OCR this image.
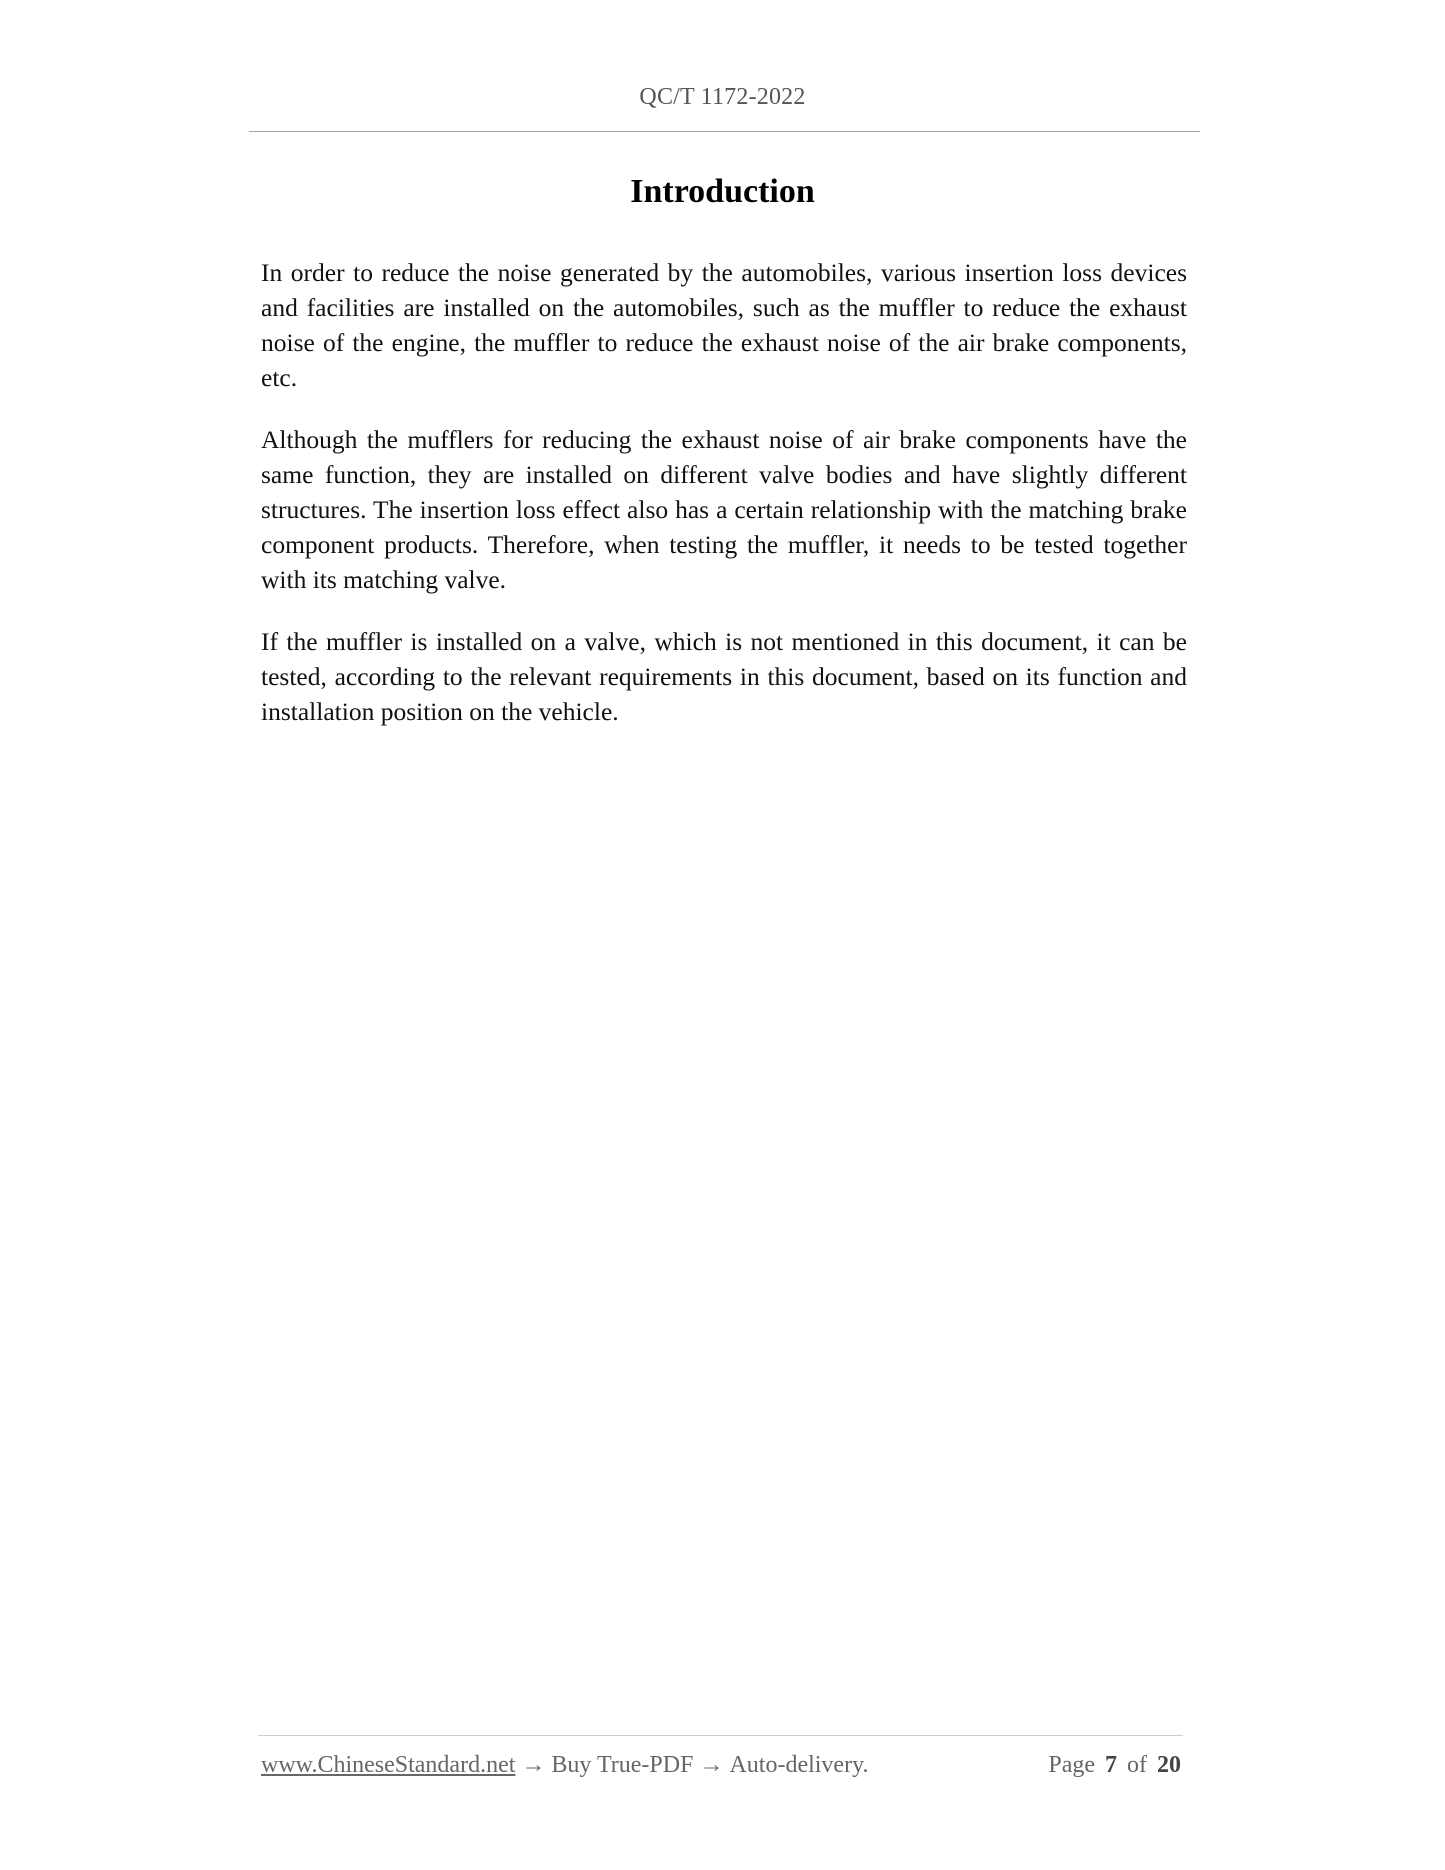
QC/T 1172-2022
Introduction

In order to reduce the noise generated by the automobiles, various insertion loss devices and facilities are installed on the automobiles, such as the muffler to reduce the exhaust noise of the engine, the muffler to reduce the exhaust noise of the air brake components, etc.

Although the mufflers for reducing the exhaust noise of air brake components have the same function, they are installed on different valve bodies and have slightly different structures. The insertion loss effect also has a certain relationship with the matching brake component products. Therefore, when testing the muffler, it needs to be tested together with its matching valve.

If the muffler is installed on a valve, which is not mentioned in this document, it can be tested, according to the relevant requirements in this document, based on its function and installation position on the vehicle.

www.ChineseStandard.net → Buy True-PDF → Auto-delivery.	Page 7 of 20
